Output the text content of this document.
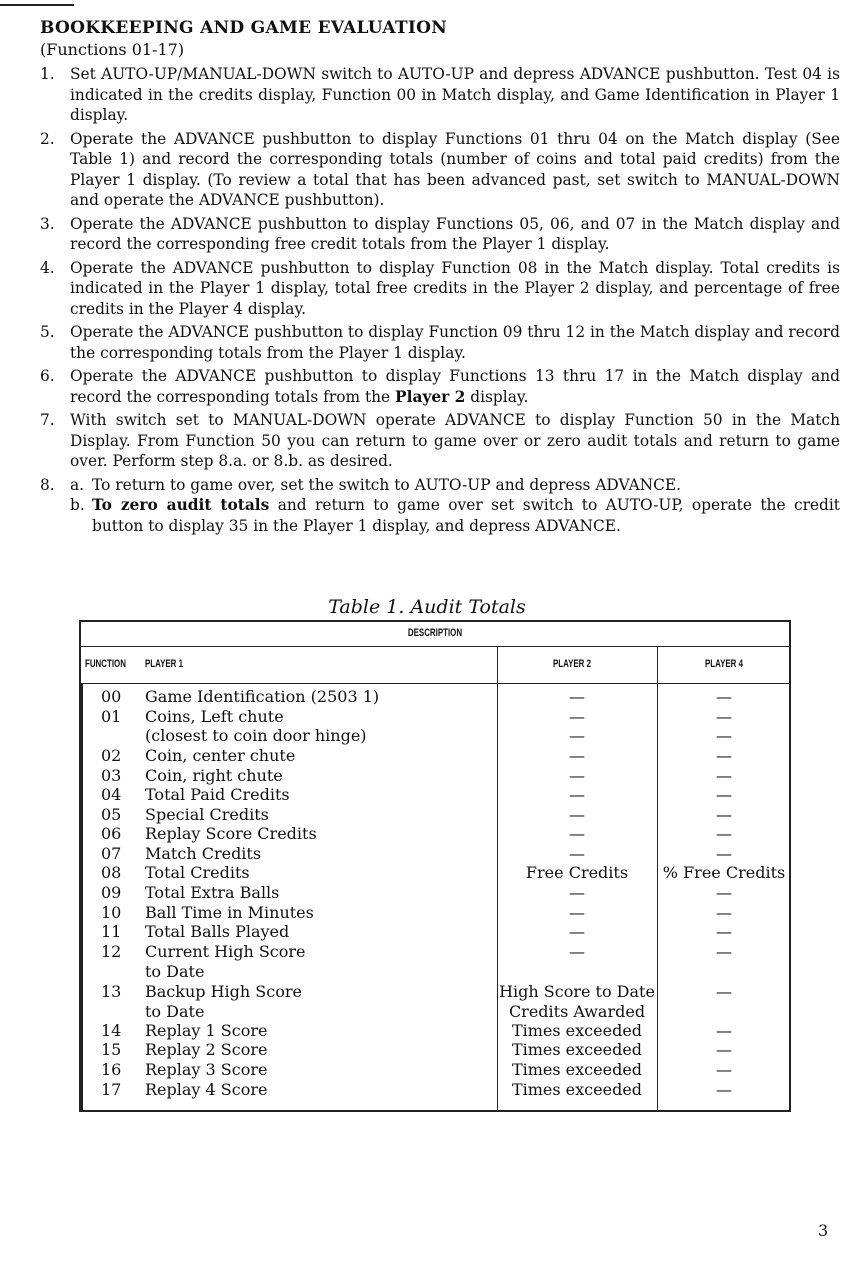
BOOKKEEPING AND GAME EVALUATION
(Functions 01-17)
1. Set AUTO-UP/MANUAL-DOWN switch to AUTO-UP and depress ADVANCE pushbutton. Test 04 is indicated in the credits display, Function 00 in Match display, and Game Identification in Player 1 display.
2. Operate the ADVANCE pushbutton to display Functions 01 thru 04 on the Match display (See Table 1) and record the corresponding totals (number of coins and total paid credits) from the Player 1 display. (To review a total that has been advanced past, set switch to MANUAL-DOWN and operate the ADVANCE pushbutton).
3. Operate the ADVANCE pushbutton to display Functions 05, 06, and 07 in the Match display and record the corresponding free credit totals from the Player 1 display.
4. Operate the ADVANCE pushbutton to display Function 08 in the Match display. Total credits is indicated in the Player 1 display, total free credits in the Player 2 display, and percentage of free credits in the Player 4 display.
5. Operate the ADVANCE pushbutton to display Function 09 thru 12 in the Match display and record the corresponding totals from the Player 1 display.
6. Operate the ADVANCE pushbutton to display Functions 13 thru 17 in the Match display and record the corresponding totals from the Player 2 display.
7. With switch set to MANUAL-DOWN operate ADVANCE to display Function 50 in the Match Display. From Function 50 you can return to game over or zero audit totals and return to game over. Perform step 8.a. or 8.b. as desired.
8. a. To return to game over, set the switch to AUTO-UP and depress ADVANCE.
b. To zero audit totals and return to game over set switch to AUTO-UP, operate the credit button to display 35 in the Player 1 display, and depress ADVANCE.
Table 1. Audit Totals
DESCRIPTION
FUNCTION PLAYER 1	PLAYER 2	PLAYER 4
00 Game Identification (2503 1)	—	—
01 Coins, Left chute	—	—
(closest to coin door hinge)	—	—
02 Coin, center chute	—	—
03 Coin, right chute	—	—
04 Total Paid Credits	—	—
05 Special Credits	—	—
06 Replay Score Credits	—	—
07 Match Credits	—	—
08 Total Credits	Free Credits	% Free Credits
09 Total Extra Balls	—	—
10 Ball Time in Minutes	—	—
11 Total Balls Played	—	—
12 Current High Score	—	—
to Date
13 Backup High Score	High Score to Date	—
to Date	Credits Awarded
14 Replay 1 Score	Times exceeded	—
15 Replay 2 Score	Times exceeded	—
16 Replay 3 Score	Times exceeded	—
17 Replay 4 Score	Times exceeded	—
3
